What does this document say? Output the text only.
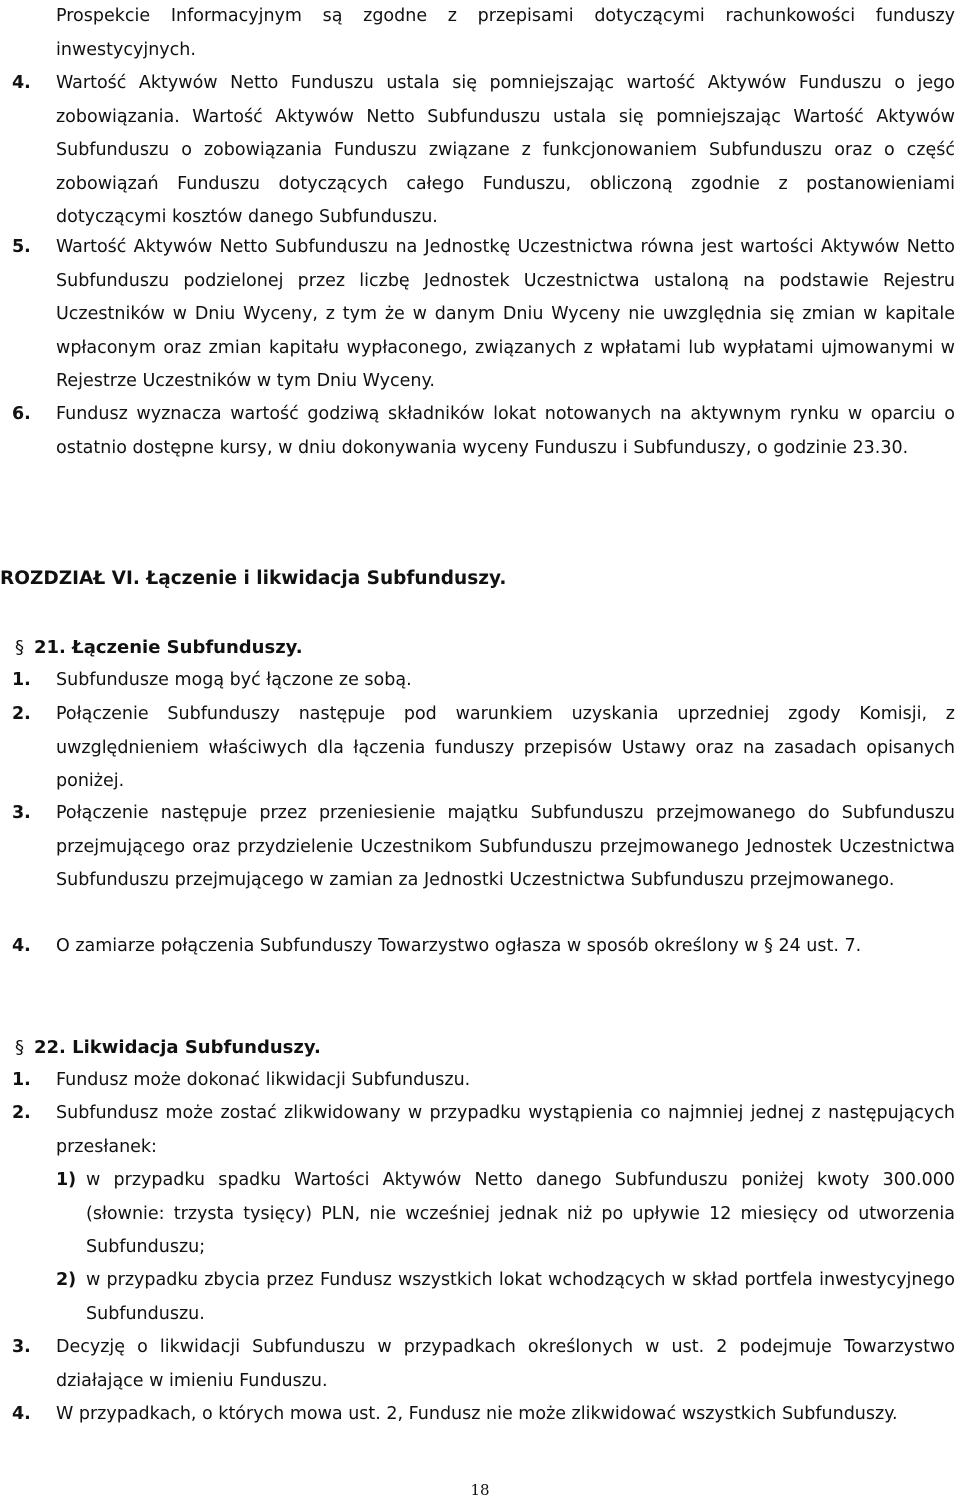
Prospekcie Informacyjnym są zgodne z przepisami dotyczącymi rachunkowości funduszy inwestycyjnych.

4.	Wartość Aktywów Netto Funduszu ustala się pomniejszając wartość Aktywów Funduszu o jego zobowiązania. Wartość Aktywów Netto Subfunduszu ustala się pomniejszając Wartość Aktywów Subfunduszu o zobowiązania Funduszu związane z funkcjonowaniem Subfunduszu oraz o część zobowiązań Funduszu dotyczących całego Funduszu, obliczoną zgodnie z postanowieniami dotyczącymi kosztów danego Subfunduszu.
5.	Wartość Aktywów Netto Subfunduszu na Jednostkę Uczestnictwa równa jest wartości Aktywów Netto Subfunduszu podzielonej przez liczbę Jednostek Uczestnictwa ustaloną na podstawie Rejestru Uczestników w Dniu Wyceny, z tym że w danym Dniu Wyceny nie uwzględnia się zmian w kapitale wpłaconym oraz zmian kapitału wypłaconego, związanych z wpłatami lub wypłatami ujmowanymi w Rejestrze Uczestników w tym Dniu Wyceny.
6.	Fundusz wyznacza wartość godziwą składników lokat notowanych na aktywnym rynku w oparciu o ostatnio dostępne kursy, w dniu dokonywania wyceny Funduszu i Subfunduszy, o godzinie 23.30.
ROZDZIAŁ VI. Łączenie i likwidacja Subfunduszy.
§ 21. Łączenie Subfunduszy.
1.	Subfundusze mogą być łączone ze sobą.
2.	Połączenie Subfunduszy następuje pod warunkiem uzyskania uprzedniej zgody Komisji, z uwzględnieniem właściwych dla łączenia funduszy przepisów Ustawy oraz na zasadach opisanych poniżej.
3.	Połączenie następuje przez przeniesienie majątku Subfunduszu przejmowanego do Subfunduszu przejmującego oraz przydzielenie Uczestnikom Subfunduszu przejmowanego Jednostek Uczestnictwa Subfunduszu przejmującego w zamian za Jednostki Uczestnictwa Subfunduszu przejmowanego.
4.	O zamiarze połączenia Subfunduszy Towarzystwo ogłasza w sposób określony w § 24 ust. 7.
§ 22. Likwidacja Subfunduszy.
1.	Fundusz może dokonać likwidacji Subfunduszu.
2.	Subfundusz może zostać zlikwidowany w przypadku wystąpienia co najmniej jednej z następujących przesłanek:
1) w przypadku spadku Wartości Aktywów Netto danego Subfunduszu poniżej kwoty 300.000 (słownie: trzysta tysięcy) PLN, nie wcześniej jednak niż po upływie 12 miesięcy od utworzenia Subfunduszu;
2) w przypadku zbycia przez Fundusz wszystkich lokat wchodzących w skład portfela inwestycyjnego Subfunduszu.
3.	Decyzję o likwidacji Subfunduszu w przypadkach określonych w ust. 2 podejmuje Towarzystwo działające w imieniu Funduszu.
4.	W przypadkach, o których mowa ust. 2, Fundusz nie może zlikwidować wszystkich Subfunduszy.
18
